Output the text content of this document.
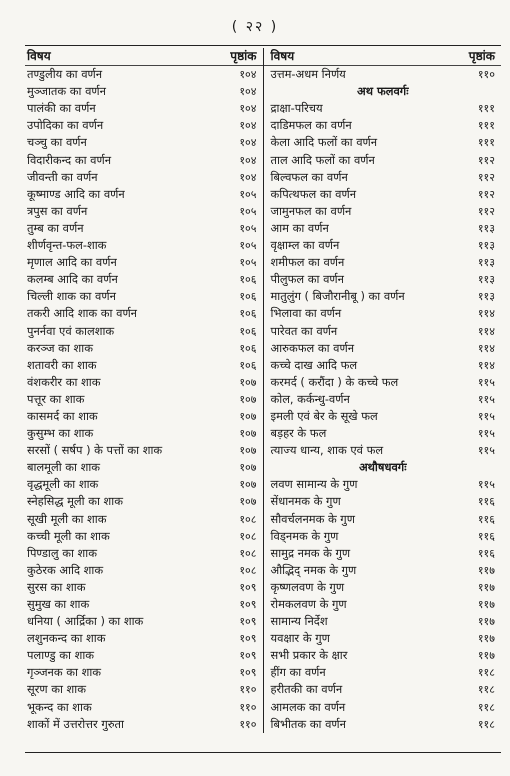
( २२ )
विषय	पृष्ठांक
तण्डुलीय का वर्णन	१०४
मुञ्जातक का वर्णन	१०४
पालंकी का वर्णन	१०४
उपोदिका का वर्णन	१०४
चञ्चु का वर्णन	१०४
विदारीकन्द का वर्णन	१०४
जीवन्ती का वर्णन	१०४
कूष्माण्ड आदि का वर्णन	१०५
त्रपुस का वर्णन	१०५
तुम्ब का वर्णन	१०५
शीर्णवृन्त-फल-शाक	१०५
मृणाल आदि का वर्णन	१०५
कलम्ब आदि का वर्णन	१०६
चिल्ली शाक का वर्णन	१०६
तकरी आदि शाक का वर्णन	१०६
पुनर्नवा एवं कालशाक	१०६
करञ्ज का शाक	१०६
शतावरी का शाक	१०६
वंशकरीर का शाक	१०७
पत्तूर का शाक	१०७
कासमर्द का शाक	१०७
कुसुम्भ का शाक	१०७
सरसों ( सर्षप ) के पत्तों का शाक	१०७
बालमूली का शाक	१०७
वृद्धमूली का शाक	१०७
स्नेहसिद्ध मूली का शाक	१०७
सूखी मूली का शाक	१०८
कच्ची मूली का शाक	१०८
पिण्डालु का शाक	१०८
कुठेरक आदि शाक	१०८
सुरस का शाक	१०९
सुमुख का शाक	१०९
धनिया ( आर्द्रिका ) का शाक	१०९
लशुनकन्द का शाक	१०९
पलाण्डु का शाक	१०९
गृञ्जनक का शाक	१०९
सूरण का शाक	११०
भूकन्द का शाक	११०
शाकों में उत्तरोत्तर गुरुता	११०
विषय	पृष्ठांक
उत्तम-अधम निर्णय	११०
अथ फलवर्गः
द्राक्षा-परिचय	१११
दाडिमफल का वर्णन	१११
केला आदि फलों का वर्णन	१११
ताल आदि फलों का वर्णन	११२
बिल्वफल का वर्णन	११२
कपित्थफल का वर्णन	११२
जामुनफल का वर्णन	११२
आम का वर्णन	११३
वृक्षाम्ल का वर्णन	११३
शमीफल का वर्णन	११३
पीलुफल का वर्णन	११३
मातुलुंग ( बिजौरानीबू ) का वर्णन	११३
भिलावा का वर्णन	११४
पारेवत का वर्णन	११४
आरुकफल का वर्णन	११४
कच्चे दाख आदि फल	११४
करमर्द ( करौंदा ) के कच्चे फल	११५
कोल, कर्कन्धु-वर्णन	११५
इमली एवं बेर के सूखे फल	११५
बड़हर के फल	११५
त्याज्य धान्य, शाक एवं फल	११५
अथौषधवर्गः
लवण सामान्य के गुण	११५
सेंधानमक के गुण	११६
सौवर्चलनमक के गुण	११६
विड्नमक के गुण	११६
सामुद्र नमक के गुण	११६
औद्भिद् नमक के गुण	११७
कृष्णलवण के गुण	११७
रोमकलवण के गुण	११७
सामान्य निर्देश	११७
यवक्षार के गुण	११७
सभी प्रकार के क्षार	११७
हींग का वर्णन	११८
हरीतकी का वर्णन	११८
आमलक का वर्णन	११८
बिभीतक का वर्णन	११८
